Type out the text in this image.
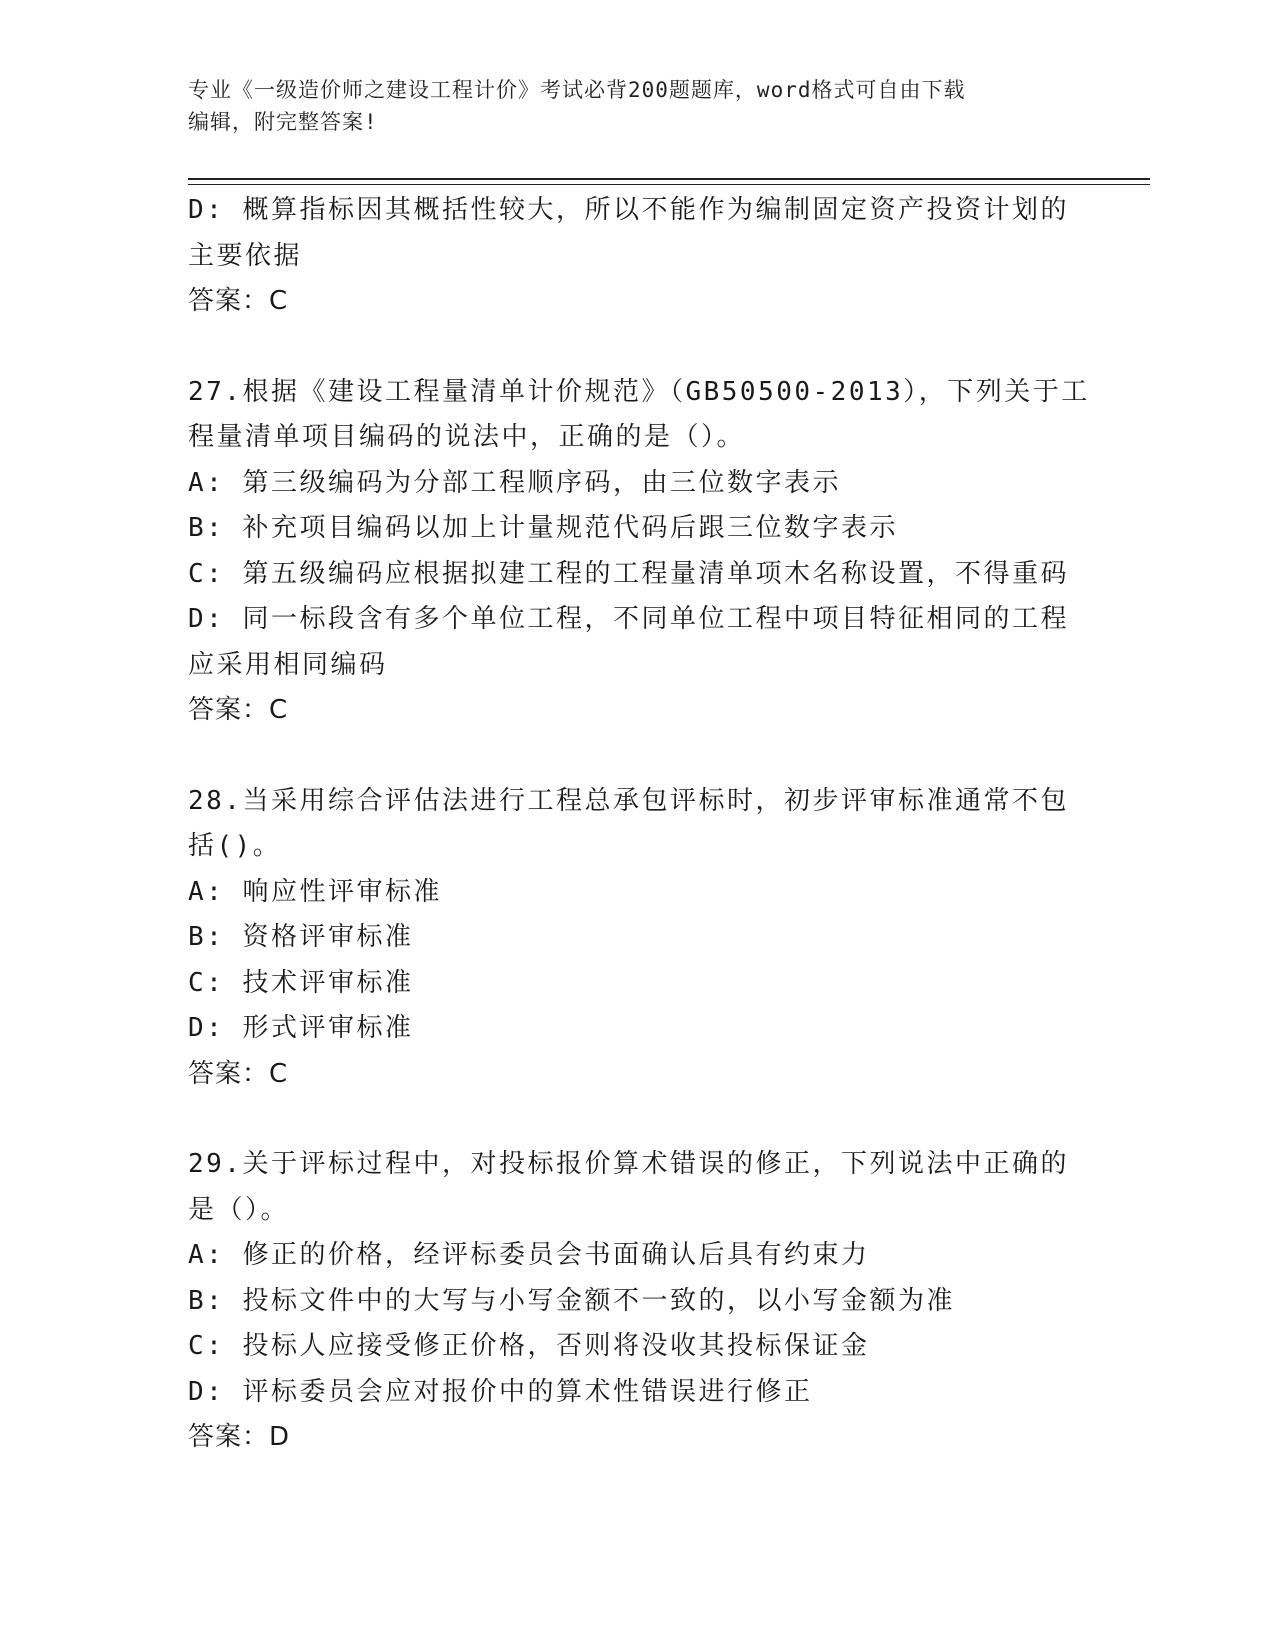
专业《一级造价师之建设工程计价》考试必背200题题库，word格式可自由下载
编辑，附完整答案!
D: 概算指标因其概括性较大，所以不能作为编制固定资产投资计划的
主要依据
答案：C
27.根据《建设工程量清单计价规范》（GB50500-2013），下列关于工
程量清单项目编码的说法中，正确的是（）。
A: 第三级编码为分部工程顺序码，由三位数字表示
B: 补充项目编码以加上计量规范代码后跟三位数字表示
C: 第五级编码应根据拟建工程的工程量清单项木名称设置，不得重码
D: 同一标段含有多个单位工程，不同单位工程中项目特征相同的工程
应采用相同编码
答案：C
28.当采用综合评估法进行工程总承包评标时，初步评审标准通常不包
括()。
A: 响应性评审标准
B: 资格评审标准
C: 技术评审标准
D: 形式评审标准
答案：C
29.关于评标过程中，对投标报价算术错误的修正，下列说法中正确的
是（）。
A: 修正的价格，经评标委员会书面确认后具有约束力
B: 投标文件中的大写与小写金额不一致的，以小写金额为准
C: 投标人应接受修正价格，否则将没收其投标保证金
D: 评标委员会应对报价中的算术性错误进行修正
答案：D
